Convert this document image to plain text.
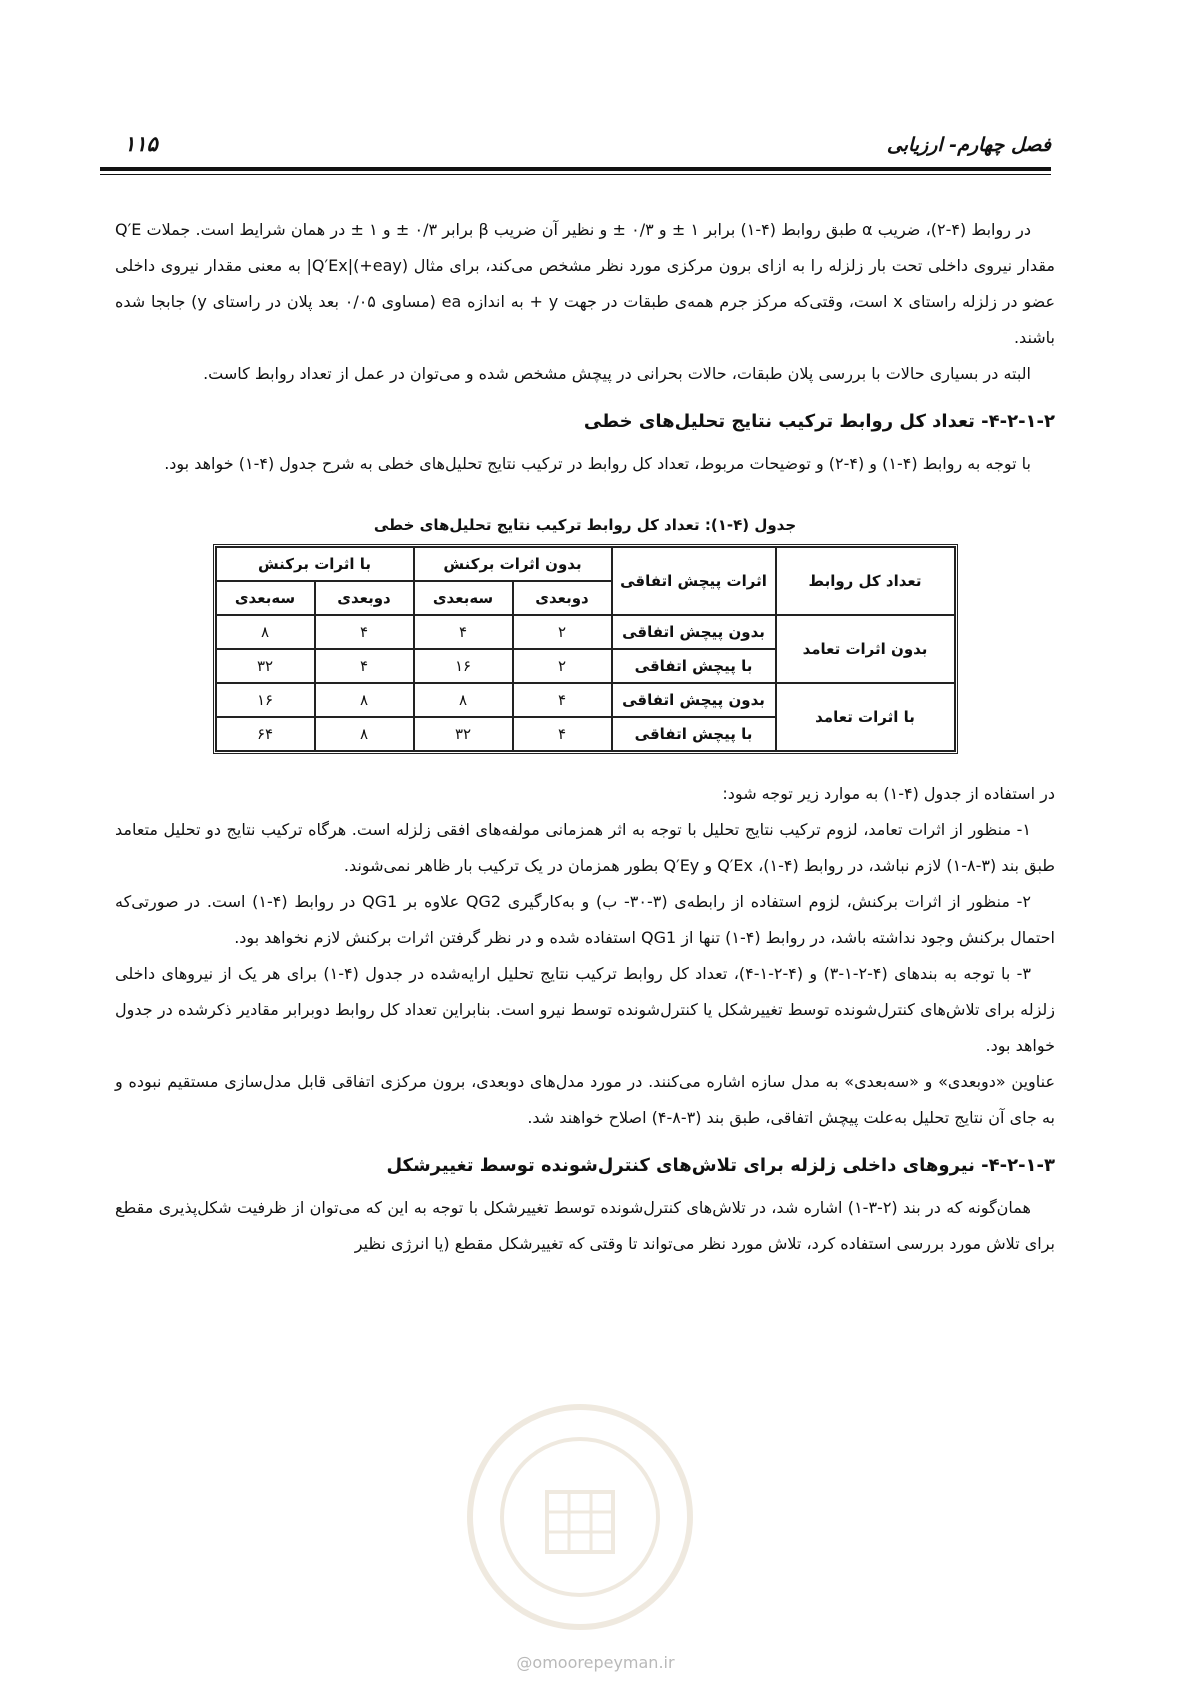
فصل چهارم- ارزیابی
۱۱۵

در روابط (۴-۲)، ضریب α طبق روابط (۴-۱) برابر ۱ ± و ۰/۳ ± و نظیر آن ضریب β برابر ۰/۳ ± و ۱ ± در همان شرایط است. جملات Q′E مقدار نیروی داخلی تحت بار زلزله را به ازای برون مرکزی مورد نظر مشخص می‌کند، برای مثال Q′Ex|(+eay)| به معنی مقدار نیروی داخلی عضو در زلزله راستای x است، وقتی‌که مرکز جرم همه‌ی طبقات در جهت y + به اندازه ea (مساوی ۰/۰۵ بعد پلان در راستای y) جابجا شده باشند.

البته در بسیاری حالات با بررسی پلان طبقات، حالات بحرانی در پیچش مشخص شده و می‌توان در عمل از تعداد روابط کاست.

۴-۲-۱-۲- تعداد کل روابط ترکیب نتایج تحلیل‌های خطی

با توجه به روابط (۴-۱) و (۴-۲) و توضیحات مربوط، تعداد کل روابط در ترکیب نتایج تحلیل‌های خطی به شرح جدول (۴-۱) خواهد بود.

جدول (۴-۱): تعداد کل روابط ترکیب نتایج تحلیل‌های خطی
تعداد کل روابط	اثرات پیچش اتفاقی	بدون اثرات برکنش		با اثرات برکنش	
		دوبعدی	سه‌بعدی	دوبعدی	سه‌بعدی
بدون اثرات تعامد	بدون پیچش اتفاقی	۲	۴	۴	۸
	با پیچش اتفاقی	۲	۱۶	۴	۳۲
با اثرات تعامد	بدون پیچش اتفاقی	۴	۸	۸	۱۶
	با پیچش اتفاقی	۴	۳۲	۸	۶۴

در استفاده از جدول (۴-۱) به موارد زیر توجه شود:

۱- منظور از اثرات تعامد، لزوم ترکیب نتایج تحلیل با توجه به اثر همزمانی مولفه‌های افقی زلزله است. هرگاه ترکیب نتایج دو تحلیل متعامد طبق بند (۳-۸-۱) لازم نباشد، در روابط (۴-۱)، Q′Ex و Q′Ey بطور همزمان در یک ترکیب بار ظاهر نمی‌شوند.

۲- منظور از اثرات برکنش، لزوم استفاده از رابطه‌ی (۳-۳۰- ب) و به‌کارگیری QG2 علاوه بر QG1 در روابط (۴-۱) است. در صورتی‌که احتمال برکنش وجود نداشته باشد، در روابط (۴-۱) تنها از QG1 استفاده شده و در نظر گرفتن اثرات برکنش لازم نخواهد بود.

۳- با توجه به بندهای (۴-۲-۱-۳) و (۴-۲-۱-۴)، تعداد کل روابط ترکیب نتایج تحلیل ارایه‌شده در جدول (۴-۱) برای هر یک از نیروهای داخلی زلزله برای تلاش‌های کنترل‌شونده توسط تغییرشکل یا کنترل‌شونده توسط نیرو است. بنابراین تعداد کل روابط دوبرابر مقادیر ذکرشده در جدول خواهد بود.

عناوین «دوبعدی» و «سه‌بعدی» به مدل سازه اشاره می‌کنند. در مورد مدل‌های دوبعدی، برون مرکزی اتفاقی قابل مدل‌سازی مستقیم نبوده و به جای آن نتایج تحلیل به‌علت پیچش اتفاقی، طبق بند (۳-۸-۴) اصلاح خواهند شد.

۴-۲-۱-۳- نیروهای داخلی زلزله برای تلاش‌های کنترل‌شونده توسط تغییرشکل

همان‌گونه که در بند (۲-۳-۱) اشاره شد، در تلاش‌های کنترل‌شونده توسط تغییرشکل با توجه به این که می‌توان از ظرفیت شکل‌پذیری مقطع برای تلاش مورد بررسی استفاده کرد، تلاش مورد نظر می‌تواند تا وقتی که تغییرشکل مقطع (یا انرژی نظیر

@omoorepeyman.ir
